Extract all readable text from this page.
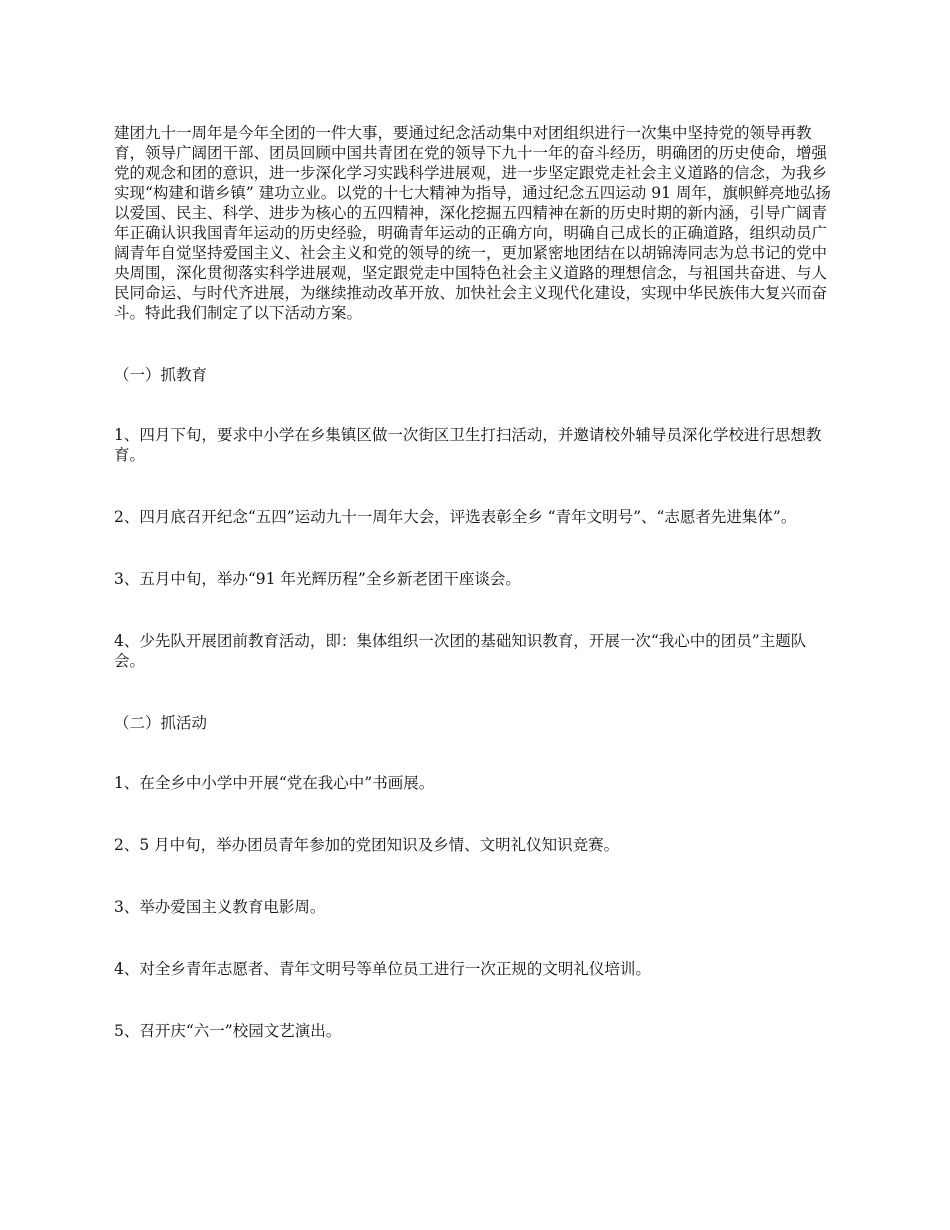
建团九十一周年是今年全团的一件大事，要通过纪念活动集中对团组织进行一次集中坚持党的领导再教育，领导广阔团干部、团员回顾中国共青团在党的领导下九十一年的奋斗经历，明确团的历史使命，增强党的观念和团的意识，进一步深化学习实践科学进展观，进一步坚定跟党走社会主义道路的信念，为我乡实现“构建和谐乡镇” 建功立业。以党的十七大精神为指导，通过纪念五四运动 91 周年，旗帜鲜亮地弘扬以爱国、民主、科学、进步为核心的五四精神，深化挖掘五四精神在新的历史时期的新内涵，引导广阔青年正确认识我国青年运动的历史经验，明确青年运动的正确方向，明确自己成长的正确道路，组织动员广阔青年自觉坚持爱国主义、社会主义和党的领导的统一，更加紧密地团结在以胡锦涛同志为总书记的党中央周围，深化贯彻落实科学进展观，坚定跟党走中国特色社会主义道路的理想信念，与祖国共奋进、与人民同命运、与时代齐进展，为继续推动改革开放、加快社会主义现代化建设，实现中华民族伟大复兴而奋斗。特此我们制定了以下活动方案。

（一）抓教育

1、四月下旬，要求中小学在乡集镇区做一次街区卫生打扫活动，并邀请校外辅导员深化学校进行思想教育。

2、四月底召开纪念“五四”运动九十一周年大会，评选表彰全乡 “青年文明号”、“志愿者先进集体”。

3、五月中旬，举办“91 年光辉历程”全乡新老团干座谈会。

4、少先队开展团前教育活动，即：集体组织一次团的基础知识教育，开展一次“我心中的团员”主题队会。

（二）抓活动

1、在全乡中小学中开展“党在我心中”书画展。

2、5 月中旬，举办团员青年参加的党团知识及乡情、文明礼仪知识竞赛。

3、举办爱国主义教育电影周。

4、对全乡青年志愿者、青年文明号等单位员工进行一次正规的文明礼仪培训。

5、召开庆“六一”校园文艺演出。
